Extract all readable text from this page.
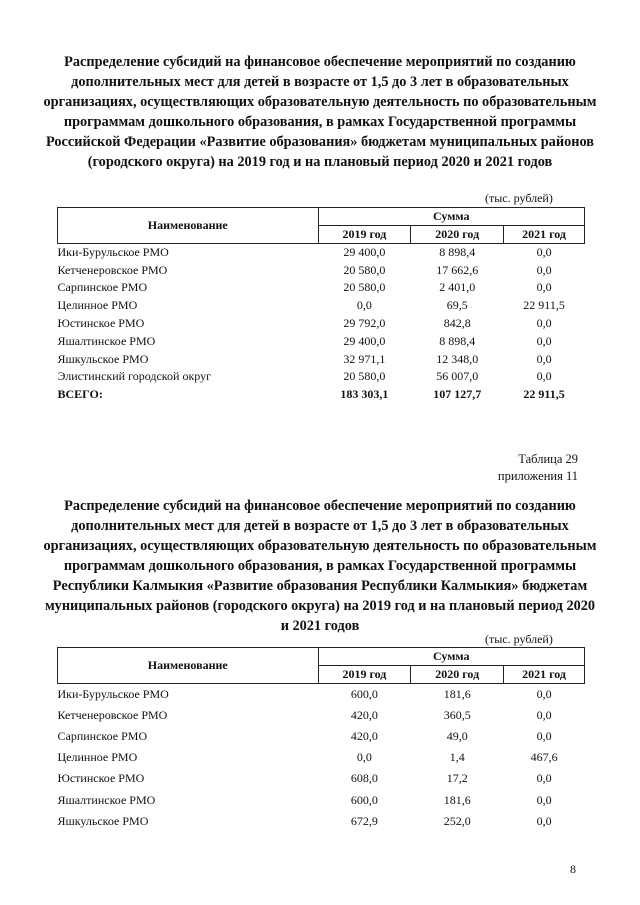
Распределение субсидий на финансовое обеспечение мероприятий по созданию дополнительных мест для детей в возрасте от 1,5 до 3 лет в образовательных организациях, осуществляющих образовательную деятельность по образовательным программам дошкольного образования, в рамках Государственной программы Российской Федерации «Развитие образования» бюджетам муниципальных районов (городского округа) на 2019 год и на плановый период 2020 и 2021 годов

(тыс. рублей)
Наименование	Сумма		
	2019 год	2020 год	2021 год
Ики-Бурульское РМО	29 400,0	8 898,4	0,0
Кетченеровское РМО	20 580,0	17 662,6	0,0
Сарпинское РМО	20 580,0	2 401,0	0,0
Целинное РМО	0,0	69,5	22 911,5
Юстинское РМО	29 792,0	842,8	0,0
Яшалтинское РМО	29 400,0	8 898,4	0,0
Яшкульское РМО	32 971,1	12 348,0	0,0
Элистинский городской округ	20 580,0	56 007,0	0,0
ВСЕГО:	183 303,1	107 127,7	22 911,5
Таблица 29
приложения 11

Распределение субсидий на финансовое обеспечение мероприятий по созданию дополнительных мест для детей в возрасте от 1,5 до 3 лет в образовательных организациях, осуществляющих образовательную деятельность по образовательным программам дошкольного образования, в рамках Государственной программы Республики Калмыкия «Развитие образования Республики Калмыкия» бюджетам муниципальных районов (городского округа) на 2019 год и на плановый период 2020 и 2021 годов

(тыс. рублей)
Наименование	Сумма		
	2019 год	2020 год	2021 год
Ики-Бурульское РМО	600,0	181,6	0,0
Кетченеровское РМО	420,0	360,5	0,0
Сарпинское РМО	420,0	49,0	0,0
Целинное РМО	0,0	1,4	467,6
Юстинское РМО	608,0	17,2	0,0
Яшалтинское РМО	600,0	181,6	0,0
Яшкульское РМО	672,9	252,0	0,0
8
